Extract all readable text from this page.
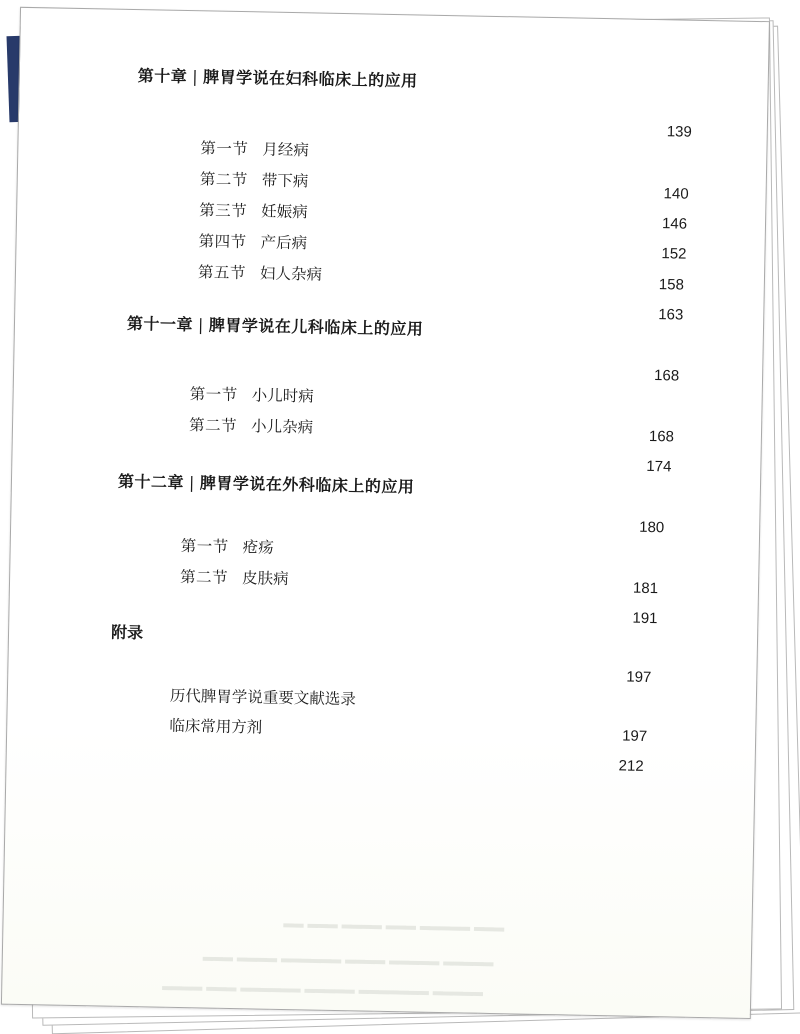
第十章 | 脾胃学说在妇科临床上的应用
139
第一节 月经病
140
第二节 带下病
146
第三节 妊娠病
152
第四节 产后病
158
第五节 妇人杂病
163
第十一章 | 脾胃学说在儿科临床上的应用
168
第一节 小儿时病
168
第二节 小儿杂病
174
第十二章 | 脾胃学说在外科临床上的应用
180
第一节 疮疡
181
第二节 皮肤病
191
附录
197
历代脾胃学说重要文献选录
197
临床常用方剂
212
▂▂ ▂▂▂ ▂▂▂▂ ▂▂▂ ▂▂▂▂▂ ▂▂▂
▂▂▂ ▂▂▂▂ ▂▂▂▂▂▂ ▂▂▂▂ ▂▂▂▂▂ ▂▂▂▂▂
▂▂▂▂ ▂▂▂ ▂▂▂▂▂▂ ▂▂▂▂▂ ▂▂▂▂▂▂▂ ▂▂▂▂▂
